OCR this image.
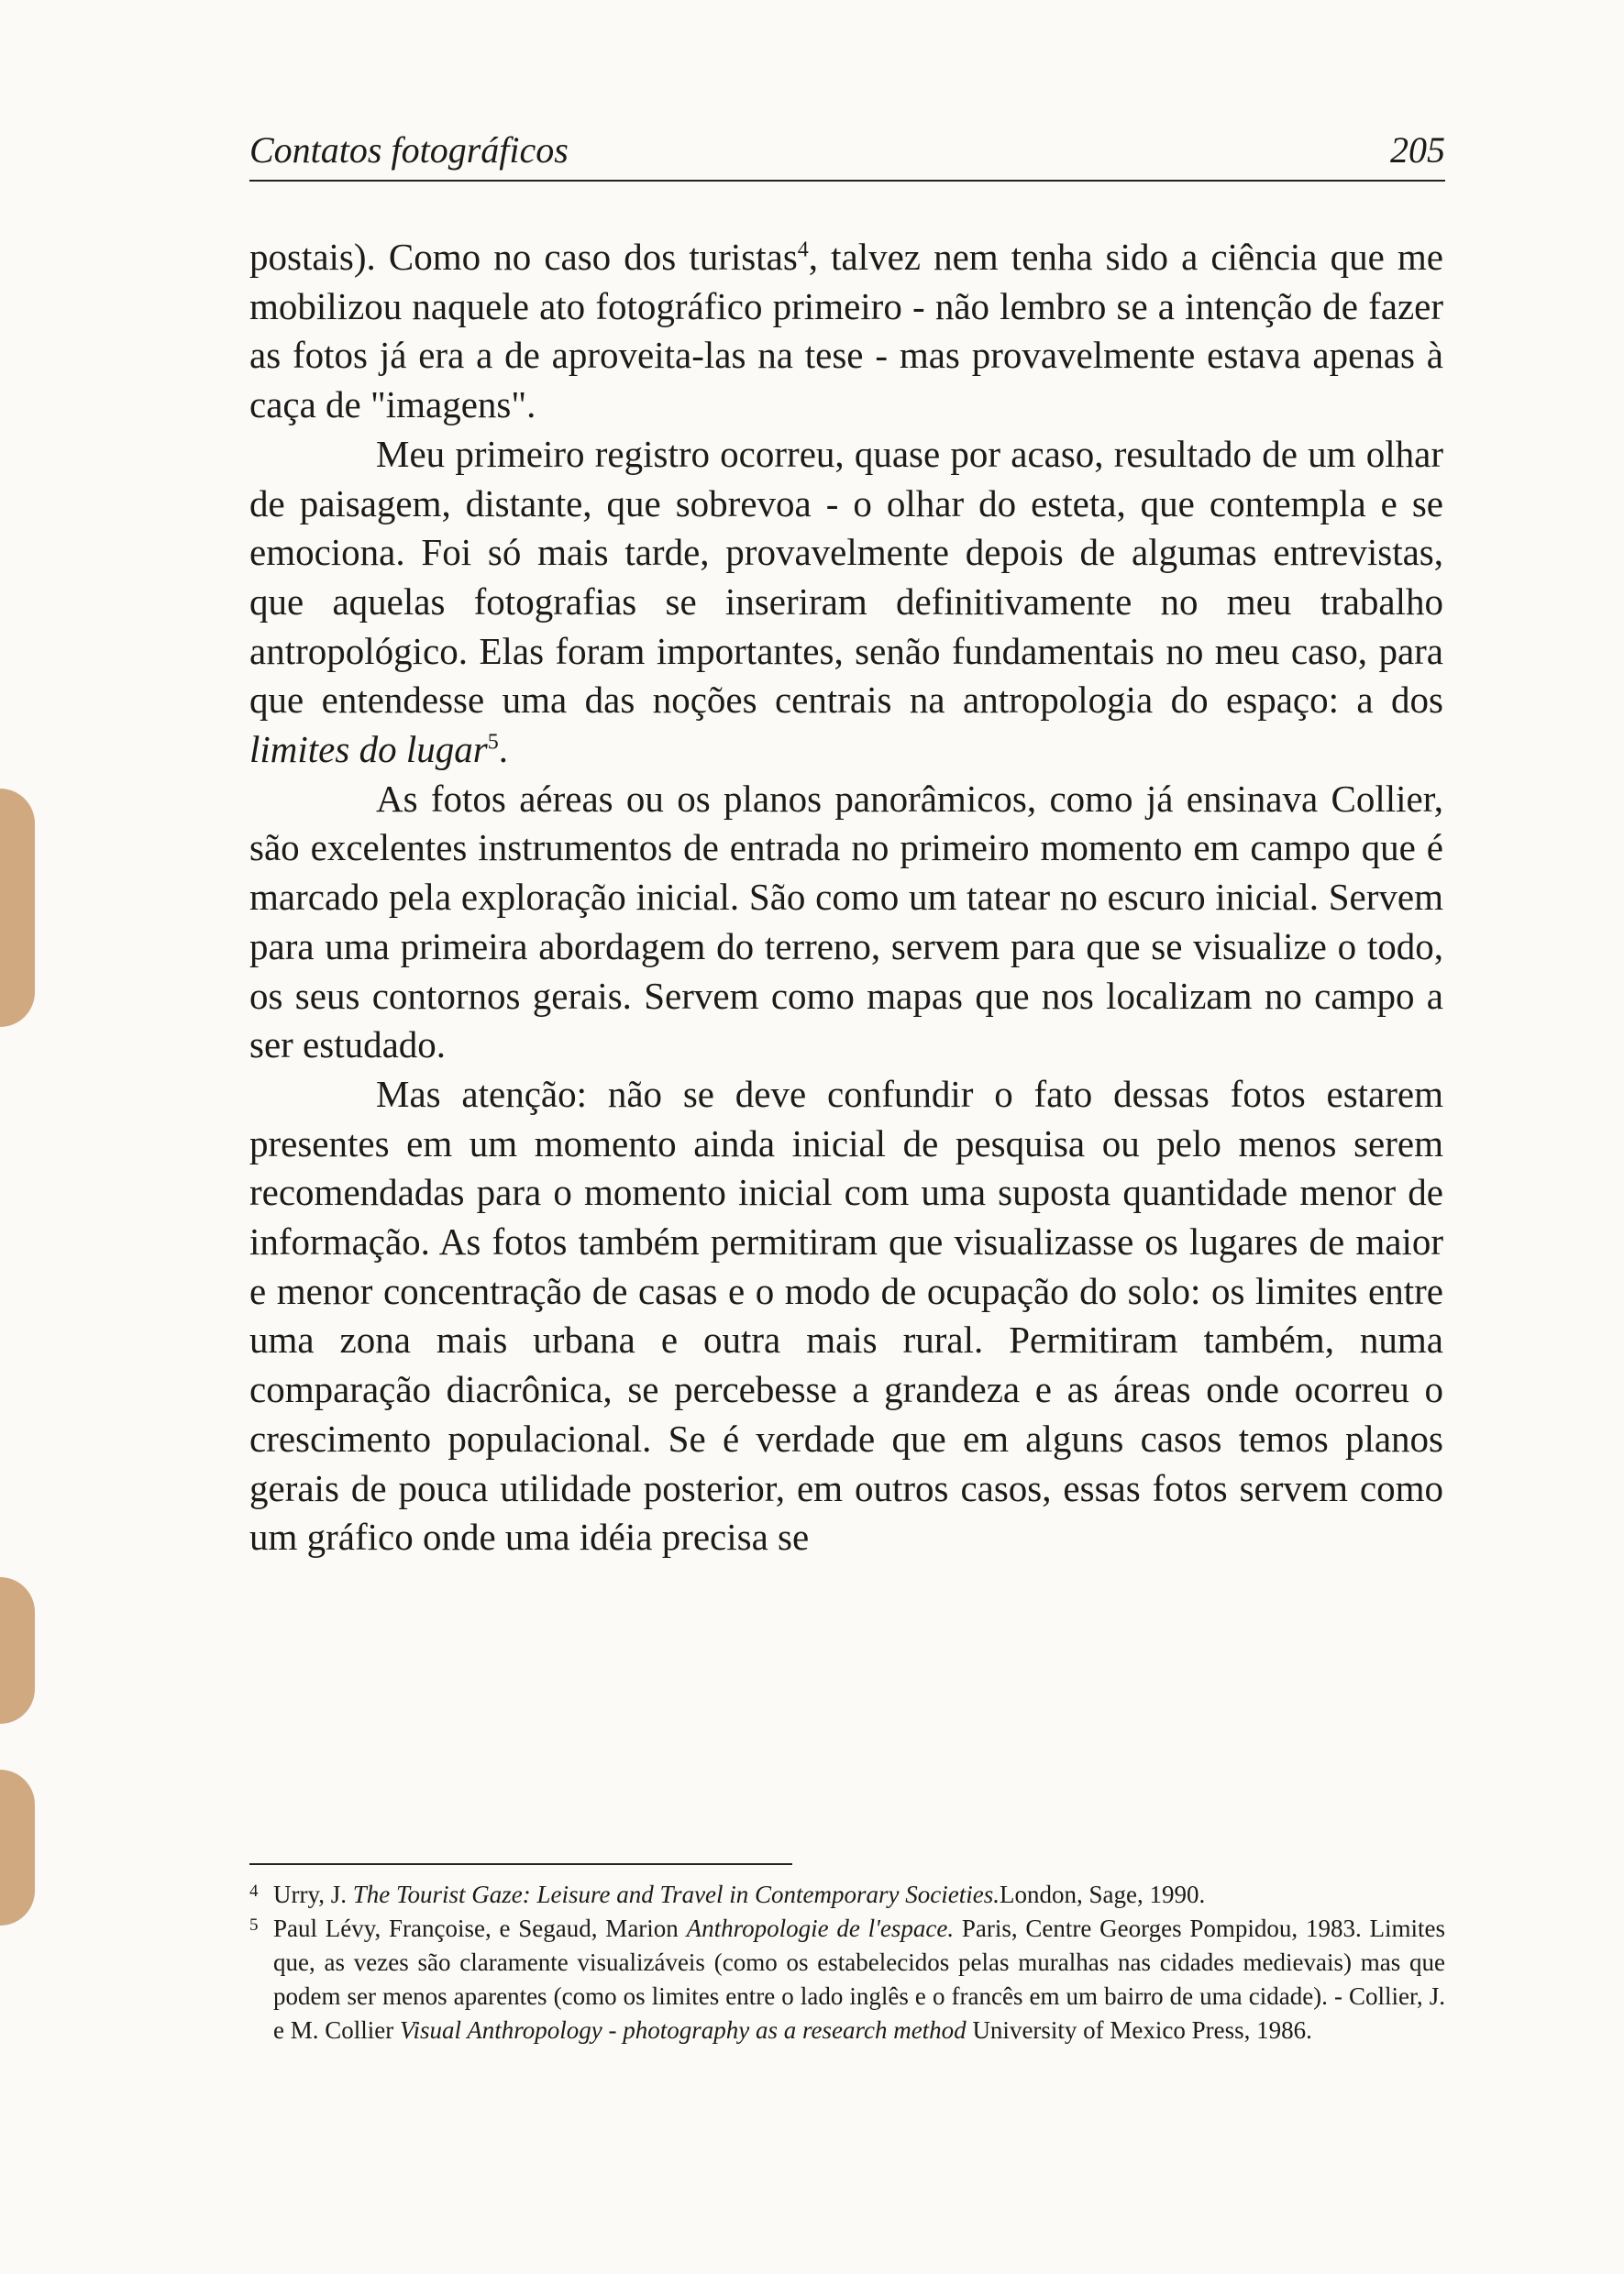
Contatos fotográficos	205

postais). Como no caso dos turistas$^4$, talvez nem tenha sido a ciência que me mobilizou naquele ato fotográfico primeiro - não lembro se a intenção de fazer as fotos já era a de aproveita-las na tese - mas provavelmente estava apenas à caça de "imagens".

Meu primeiro registro ocorreu, quase por acaso, resultado de um olhar de paisagem, distante, que sobrevoa - o olhar do esteta, que contempla e se emociona. Foi só mais tarde, provavelmente depois de algumas entrevistas, que aquelas fotografias se inseriram definitivamente no meu trabalho antropológico. Elas foram importantes, senão fundamentais no meu caso, para que entendesse uma das noções centrais na antropologia do espaço: a dos limites do lugar$^5$.

As fotos aéreas ou os planos panorâmicos, como já ensinava Collier, são excelentes instrumentos de entrada no primeiro momento em campo que é marcado pela exploração inicial. São como um tatear no escuro inicial. Servem para uma primeira abordagem do terreno, servem para que se visualize o todo, os seus contornos gerais. Servem como mapas que nos localizam no campo a ser estudado.

Mas atenção: não se deve confundir o fato dessas fotos estarem presentes em um momento ainda inicial de pesquisa ou pelo menos serem recomendadas para o momento inicial com uma suposta quantidade menor de informação. As fotos também permitiram que visualizasse os lugares de maior e menor concentração de casas e o modo de ocupação do solo: os limites entre uma zona mais urbana e outra mais rural. Permitiram também, numa comparação diacrônica, se percebesse a grandeza e as áreas onde ocorreu o crescimento populacional. Se é verdade que em alguns casos temos planos gerais de pouca utilidade posterior, em outros casos, essas fotos servem como um gráfico onde uma idéia precisa se

4 Urry, J. The Tourist Gaze: Leisure and Travel in Contemporary Societies.London, Sage, 1990.

5 Paul Lévy, Françoise, e Segaud, Marion Anthropologie de l'espace. Paris, Centre Georges Pompidou, 1983. Limites que, as vezes são claramente visualizáveis (como os estabelecidos pelas muralhas nas cidades medievais) mas que podem ser menos aparentes (como os limites entre o lado inglês e o francês em um bairro de uma cidade). - Collier, J. e M. Collier Visual Anthropology - photography as a research method University of Mexico Press, 1986.
